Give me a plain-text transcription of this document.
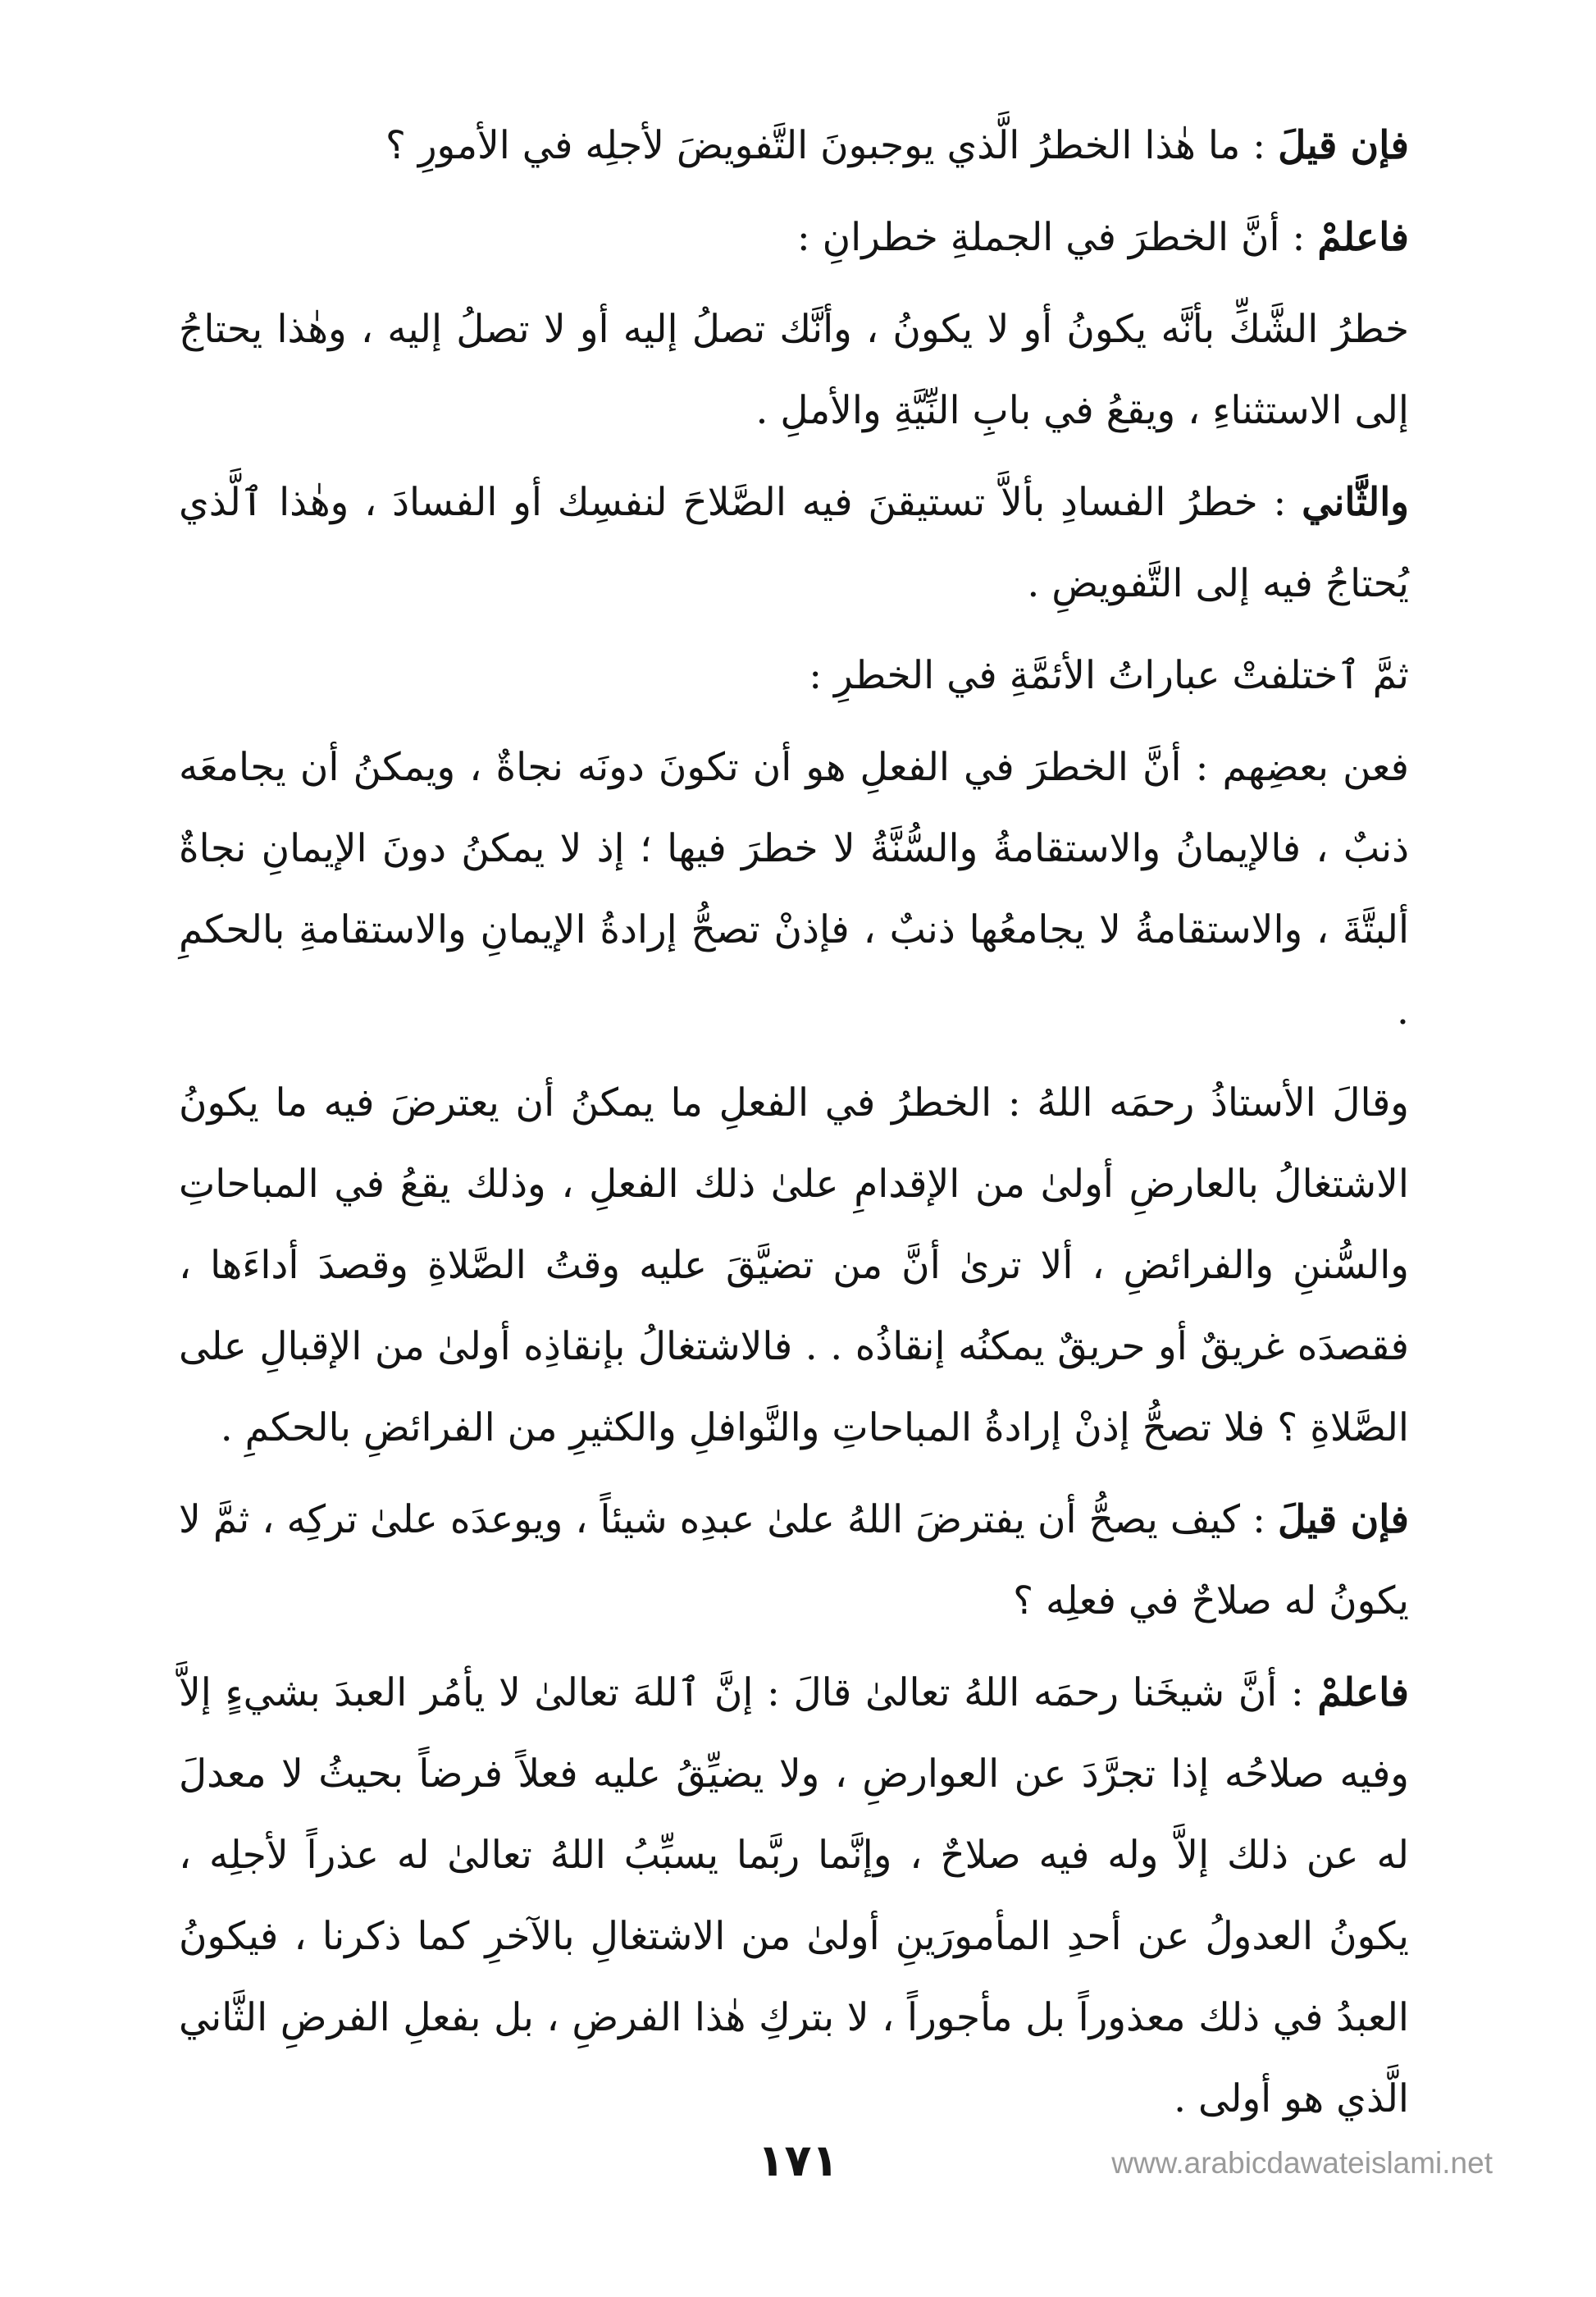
فإن قيلَ : ما هٰذا الخطرُ الَّذي يوجبونَ التَّفويضَ لأجلِه في الأمورِ ؟

فاعلمْ : أنَّ الخطرَ في الجملةِ خطرانِ :

خطرُ الشَّكِّ بأنَّه يكونُ أو لا يكونُ ، وأنَّك تصلُ إليه أو لا تصلُ إليه ، وهٰذا يحتاجُ إلى الاستثناءِ ، ويقعُ في بابِ النِّيَّةِ والأملِ .

والثَّاني : خطرُ الفسادِ بألاَّ تستيقنَ فيه الصَّلاحَ لنفسِك أو الفسادَ ، وهٰذا ٱلَّذي يُحتاجُ فيه إلى التَّفويضِ .

ثمَّ ٱختلفتْ عباراتُ الأئمَّةِ في الخطرِ :

فعن بعضِهم : أنَّ الخطرَ في الفعلِ هو أن تكونَ دونَه نجاةٌ ، ويمكنُ أن يجامعَه ذنبٌ ، فالإيمانُ والاستقامةُ والسُّنَّةُ لا خطرَ فيها ؛ إذ لا يمكنُ دونَ الإيمانِ نجاةٌ ألبتَّةَ ، والاستقامةُ لا يجامعُها ذنبٌ ، فإذنْ تصحُّ إرادةُ الإيمانِ والاستقامةِ بالحكمِ .

وقالَ الأستاذُ رحمَه اللهُ : الخطرُ في الفعلِ ما يمكنُ أن يعترضَ فيه ما يكونُ الاشتغالُ بالعارضِ أولىٰ من الإقدامِ علىٰ ذلك الفعلِ ، وذلك يقعُ في المباحاتِ والسُّننِ والفرائضِ ، ألا ترىٰ أنَّ من تضيَّقَ عليه وقتُ الصَّلاةِ وقصدَ أداءَها ، فقصدَه غريقٌ أو حريقٌ يمكنُه إنقاذُه . . فالاشتغالُ بإنقاذِه أولىٰ من الإقبالِ على الصَّلاةِ ؟ فلا تصحُّ إذنْ إرادةُ المباحاتِ والنَّوافلِ والكثيرِ من الفرائضِ بالحكمِ .

فإن قيلَ : كيف يصحُّ أن يفترضَ اللهُ علىٰ عبدِه شيئاً ، ويوعدَه علىٰ تركِه ، ثمَّ لا يكونُ له صلاحٌ في فعلِه ؟

فاعلمْ : أنَّ شيخَنا رحمَه اللهُ تعالىٰ قالَ : إنَّ ٱللهَ تعالىٰ لا يأمُر العبدَ بشيءٍ إلاَّ وفيه صلاحُه إذا تجرَّدَ عن العوارضِ ، ولا يضيِّقُ عليه فعلاً فرضاً بحيثُ لا معدلَ له عن ذلك إلاَّ وله فيه صلاحٌ ، وإنَّما ربَّما يسبِّبُ اللهُ تعالىٰ له عذراً لأجلِه ، يكونُ العدولُ عن أحدِ المأمورَينِ أولىٰ من الاشتغالِ بالآخرِ كما ذكرنا ، فيكونُ العبدُ في ذلك معذوراً بل مأجوراً ، لا بتركِ هٰذا الفرضِ ، بل بفعلِ الفرضِ الثَّاني الَّذي هو أولى .

١٧١	www.arabicdawateislami.net
